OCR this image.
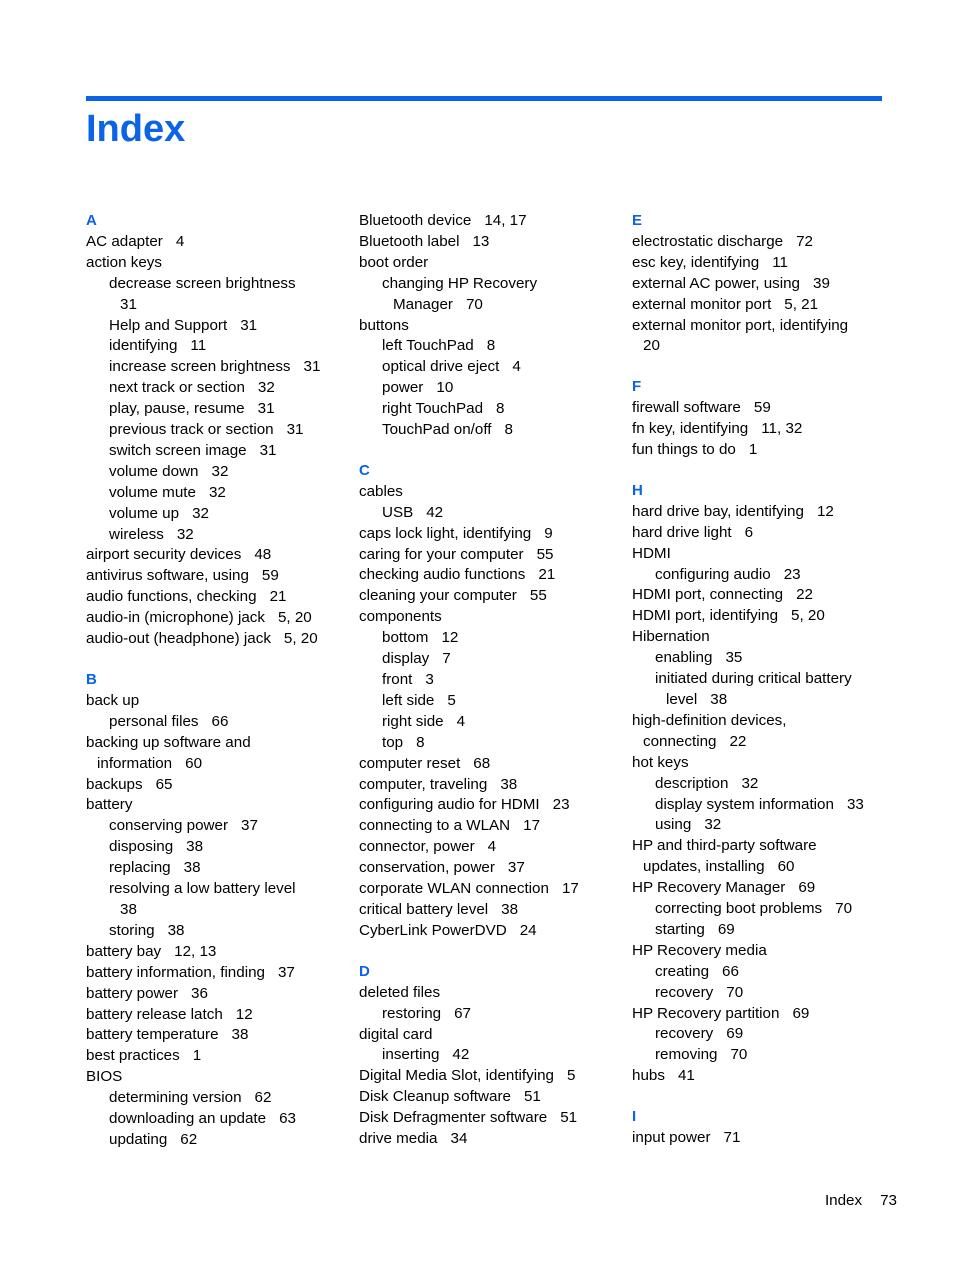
Index
A
AC adapter 4
action keys
decrease screen brightness
31
Help and Support 31
identifying 11
increase screen brightness 31
next track or section 32
play, pause, resume 31
previous track or section 31
switch screen image 31
volume down 32
volume mute 32
volume up 32
wireless 32
airport security devices 48
antivirus software, using 59
audio functions, checking 21
audio-in (microphone) jack 5, 20
audio-out (headphone) jack 5, 20
B
back up
personal files 66
backing up software and
information 60
backups 65
battery
conserving power 37
disposing 38
replacing 38
resolving a low battery level
38
storing 38
battery bay 12, 13
battery information, finding 37
battery power 36
battery release latch 12
battery temperature 38
best practices 1
BIOS
determining version 62
downloading an update 63
updating 62
Bluetooth device 14, 17
Bluetooth label 13
boot order
changing HP Recovery
Manager 70
buttons
left TouchPad 8
optical drive eject 4
power 10
right TouchPad 8
TouchPad on/off 8
C
cables
USB 42
caps lock light, identifying 9
caring for your computer 55
checking audio functions 21
cleaning your computer 55
components
bottom 12
display 7
front 3
left side 5
right side 4
top 8
computer reset 68
computer, traveling 38
configuring audio for HDMI 23
connecting to a WLAN 17
connector, power 4
conservation, power 37
corporate WLAN connection 17
critical battery level 38
CyberLink PowerDVD 24
D
deleted files
restoring 67
digital card
inserting 42
Digital Media Slot, identifying 5
Disk Cleanup software 51
Disk Defragmenter software 51
drive media 34
E
electrostatic discharge 72
esc key, identifying 11
external AC power, using 39
external monitor port 5, 21
external monitor port, identifying
20
F
firewall software 59
fn key, identifying 11, 32
fun things to do 1
H
hard drive bay, identifying 12
hard drive light 6
HDMI
configuring audio 23
HDMI port, connecting 22
HDMI port, identifying 5, 20
Hibernation
enabling 35
initiated during critical battery
level 38
high-definition devices,
connecting 22
hot keys
description 32
display system information 33
using 32
HP and third-party software
updates, installing 60
HP Recovery Manager 69
correcting boot problems 70
starting 69
HP Recovery media
creating 66
recovery 70
HP Recovery partition 69
recovery 69
removing 70
hubs 41
I
input power 71
Index 73
